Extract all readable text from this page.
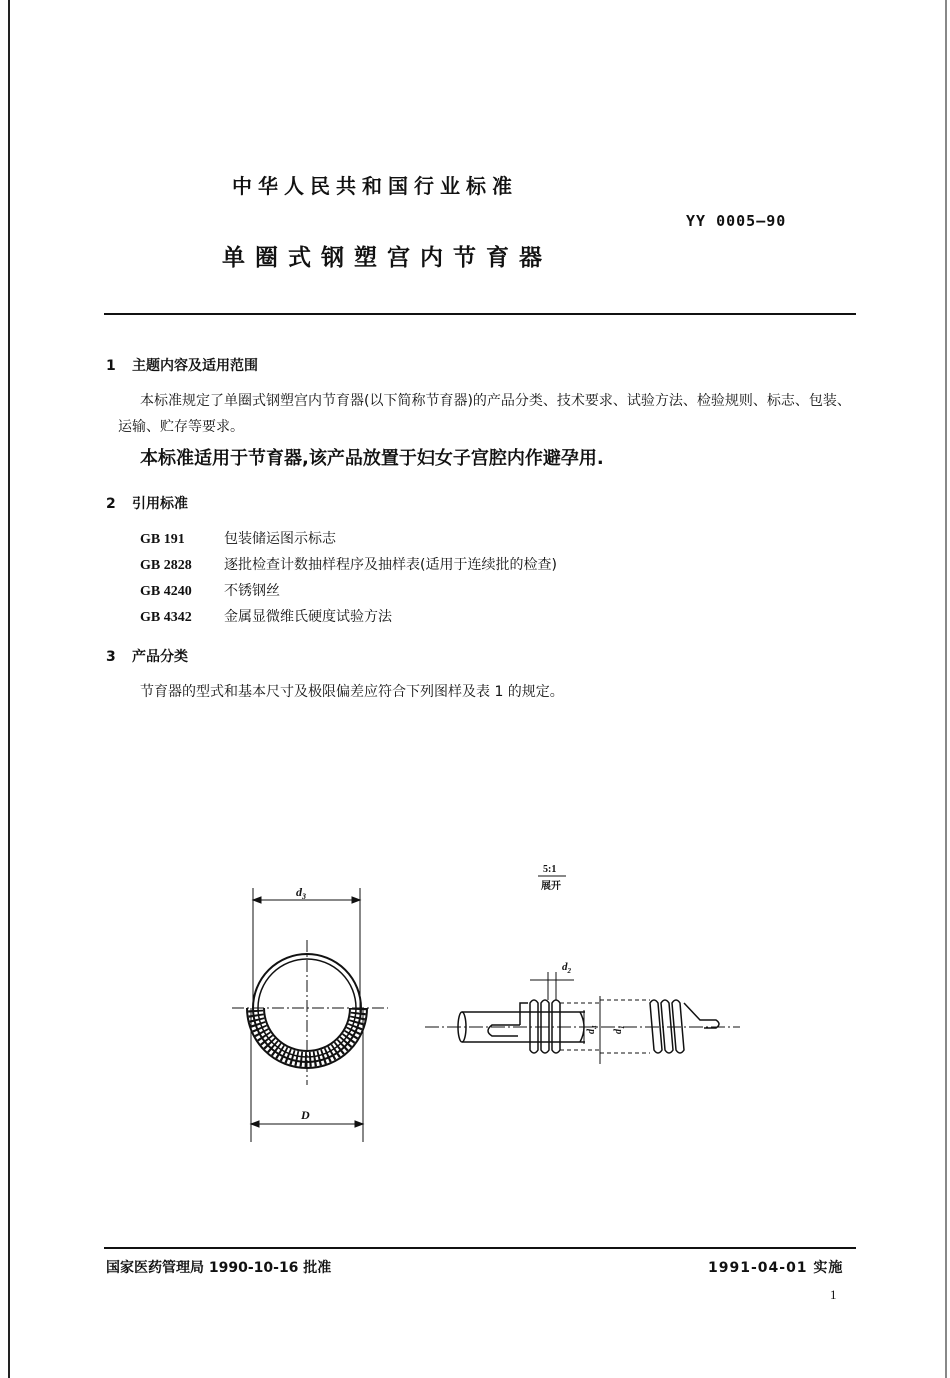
中华人民共和国行业标准
YY 0005—90
单圈式钢塑宫内节育器
1 主题内容及适用范围
本标准规定了单圈式钢塑宫内节育器(以下简称节育器)的产品分类、技术要求、试验方法、检验规则、标志、包装、运输、贮存等要求。
本标准适用于节育器,该产品放置于妇女子宫腔内作避孕用.
2 引用标准
GB 191	包装储运图示标志
GB 2828 逐批检查计数抽样程序及抽样表(适用于连续批的检查)
GB 4240 不锈钢丝
GB 4342 金属显微维氏硬度试验方法
3 产品分类
节育器的型式和基本尺寸及极限偏差应符合下列图样及表 1 的规定。
$d_3$
D
5:1
展开
$d_2$
$d_4$
$d_1$
国家医药管理局 1990-10-16 批准	1991-04-01 实施
1
